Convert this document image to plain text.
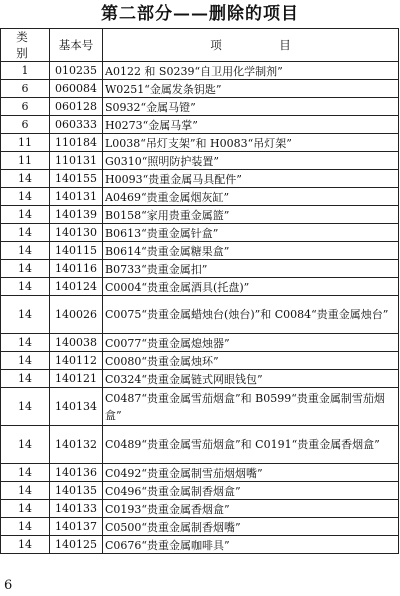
第二部分——删除的项目
类 别	基本号	项　　　　　目
1	010235	A0122 和 S0239“自卫用化学制剂”
6	060084	W0251“金属发条钥匙”
6	060128	S0932“金属马镫”
6	060333	H0273“金属马掌”
11	110184	L0038“吊灯支架”和 H0083“吊灯架”
11	110131	G0310“照明防护装置”
14	140155	H0093“贵重金属马具配件”
14	140131	A0469“贵重金属烟灰缸”
14	140139	B0158“家用贵重金属篮”
14	140130	B0613“贵重金属针盒”
14	140115	B0614“贵重金属糖果盒”
14	140116	B0733“贵重金属扣”
14	140124	C0004“贵重金属酒具(托盘)”
14	140026	C0075“贵重金属蜡烛台(烛台)”和 C0084“贵重金属烛台”
14	140038	C0077“贵重金属熄烛器”
14	140112	C0080“贵重金属烛环”
14	140121	C0324“贵重金属链式网眼钱包”
14	140134	C0487“贵重金属雪茄烟盒”和 B0599“贵重金属制雪茄烟盒”
14	140132	C0489“贵重金属雪茄烟盒”和 C0191“贵重金属香烟盒”
14	140136	C0492“贵重金属制雪茄烟烟嘴”
14	140135	C0496“贵重金属制香烟盒”
14	140133	C0193“贵重金属香烟盒”
14	140137	C0500“贵重金属制香烟嘴”
14	140125	C0676“贵重金属咖啡具”
6
